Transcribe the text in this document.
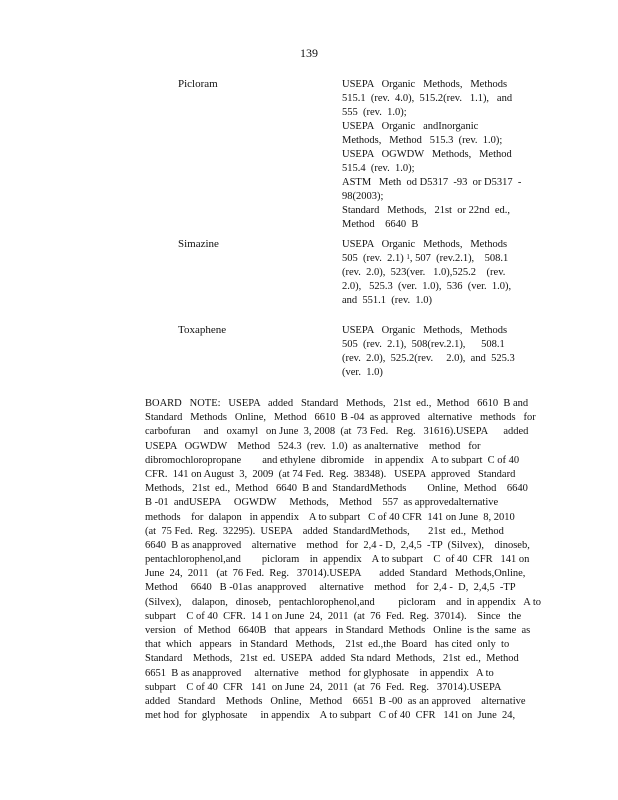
139
Picloram	USEPA   Organic   Methods,   Methods
515.1  (rev.  4.0),  515.2(rev.   1.1),   and
555  (rev.  1.0);
USEPA   Organic   andInorganic
Methods,   Method   515.3  (rev.  1.0);
USEPA   OGWDW   Methods,   Method
515.4  (rev.  1.0);
ASTM   Meth  od D5317  -93  or D5317  -
98(2003);
Standard   Methods,   21st  or 22nd  ed.,
Method    6640  B
Simazine	USEPA   Organic   Methods,   Methods
505  (rev.  2.1) $^1$, 507  (rev.2.1),    508.1
(rev.  2.0),  523(ver.   1.0),525.2    (rev.
2.0),   525.3  (ver.  1.0),  536  (ver.  1.0),
and  551.1  (rev.  1.0)
Toxaphene	USEPA   Organic   Methods,   Methods
505  (rev.  2.1),  508(rev.2.1),      508.1
(rev.  2.0),  525.2(rev.     2.0),  and  525.3
(ver.  1.0)
BOARD   NOTE:   USEPA   added   Standard   Methods,   21st  ed.,  Method   6610  B and
Standard   Methods   Online,   Method   6610  B -04  as approved   alternative   methods   for
carbofuran     and   oxamyl   on June  3, 2008  (at  73 Fed.   Reg.   31616).USEPA      added
USEPA   OGWDW    Method   524.3  (rev.  1.0)  as analternative    method   for
dibromochloropropane        and ethylene  dibromide    in appendix   A to subpart  C of 40
CFR.  141 on August  3,  2009  (at 74 Fed.  Reg.  38348).   USEPA  approved   Standard
Methods,   21st  ed.,  Method   6640  B and  StandardMethods        Online,  Method    6640
B -01  andUSEPA     OGWDW     Methods,    Method    557  as approvedalternative
methods    for  dalapon   in appendix    A to subpart   C of 40 CFR  141 on June  8, 2010
(at  75 Fed.  Reg.  32295).  USEPA    added  StandardMethods,       21st  ed.,  Method
6640  B as anapproved    alternative    method   for  2,4 - D,  2,4,5  -TP  (Silvex),    dinoseb,
pentachlorophenol,and        picloram    in  appendix    A to subpart    C  of 40  CFR   141 on
June  24,  2011   (at  76 Fed.  Reg.   37014).USEPA       added  Standard   Methods,Online,
Method     6640   B -01as  anapproved     alternative    method    for  2,4 -  D,  2,4,5  -TP
(Silvex),    dalapon,   dinoseb,   pentachlorophenol,and         picloram    and  in appendix   A to
subpart    C of 40  CFR.  14 1 on June  24,  2011  (at  76  Fed.  Reg.  37014).    Since   the
version   of  Method   6640B   that  appears   in Standard  Methods   Online  is the  same  as
that  which   appears   in Standard   Methods,    21st  ed.,the  Board   has cited  only  to
Standard    Methods,   21st  ed.  USEPA   added  Sta ndard  Methods,   21st  ed.,  Method
6651  B as anapproved     alternative    method   for glyphosate    in appendix   A to
subpart    C of 40  CFR   141  on June  24,  2011  (at  76  Fed.  Reg.   37014).USEPA
added   Standard    Methods   Online,   Method    6651  B -00  as an approved    alternative
met hod  for  glyphosate     in appendix    A to subpart   C of 40  CFR   141 on  June  24,
